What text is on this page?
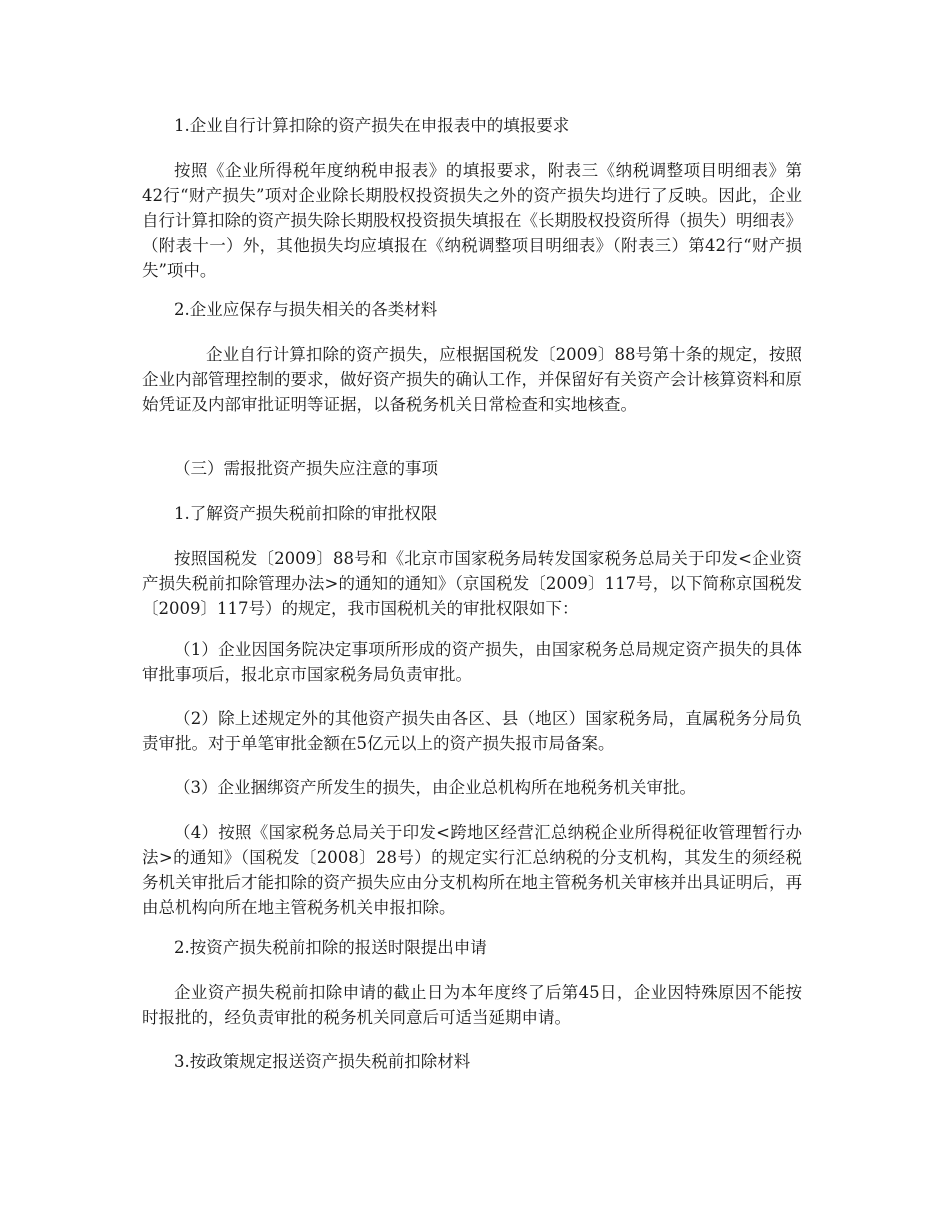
1.企业自行计算扣除的资产损失在申报表中的填报要求

按照《企业所得税年度纳税申报表》的填报要求，附表三《纳税调整项目明细表》第42行“财产损失”项对企业除长期股权投资损失之外的资产损失均进行了反映。因此，企业自行计算扣除的资产损失除长期股权投资损失填报在《长期股权投资所得（损失）明细表》（附表十一）外，其他损失均应填报在《纳税调整项目明细表》（附表三）第42行“财产损失”项中。

2.企业应保存与损失相关的各类材料

企业自行计算扣除的资产损失，应根据国税发〔2009〕88号第十条的规定，按照企业内部管理控制的要求，做好资产损失的确认工作，并保留好有关资产会计核算资料和原始凭证及内部审批证明等证据，以备税务机关日常检查和实地核查。

（三）需报批资产损失应注意的事项

1.了解资产损失税前扣除的审批权限

按照国税发〔2009〕88号和《北京市国家税务局转发国家税务总局关于印发<企业资产损失税前扣除管理办法>的通知的通知》（京国税发〔2009〕117号，以下简称京国税发〔2009〕117号）的规定，我市国税机关的审批权限如下：

（1）企业因国务院决定事项所形成的资产损失，由国家税务总局规定资产损失的具体审批事项后，报北京市国家税务局负责审批。

（2）除上述规定外的其他资产损失由各区、县（地区）国家税务局，直属税务分局负责审批。对于单笔审批金额在5亿元以上的资产损失报市局备案。

（3）企业捆绑资产所发生的损失，由企业总机构所在地税务机关审批。

（4）按照《国家税务总局关于印发<跨地区经营汇总纳税企业所得税征收管理暂行办法>的通知》（国税发〔2008〕28号）的规定实行汇总纳税的分支机构，其发生的须经税务机关审批后才能扣除的资产损失应由分支机构所在地主管税务机关审核并出具证明后，再由总机构向所在地主管税务机关申报扣除。

2.按资产损失税前扣除的报送时限提出申请

企业资产损失税前扣除申请的截止日为本年度终了后第45日，企业因特殊原因不能按时报批的，经负责审批的税务机关同意后可适当延期申请。

3.按政策规定报送资产损失税前扣除材料
